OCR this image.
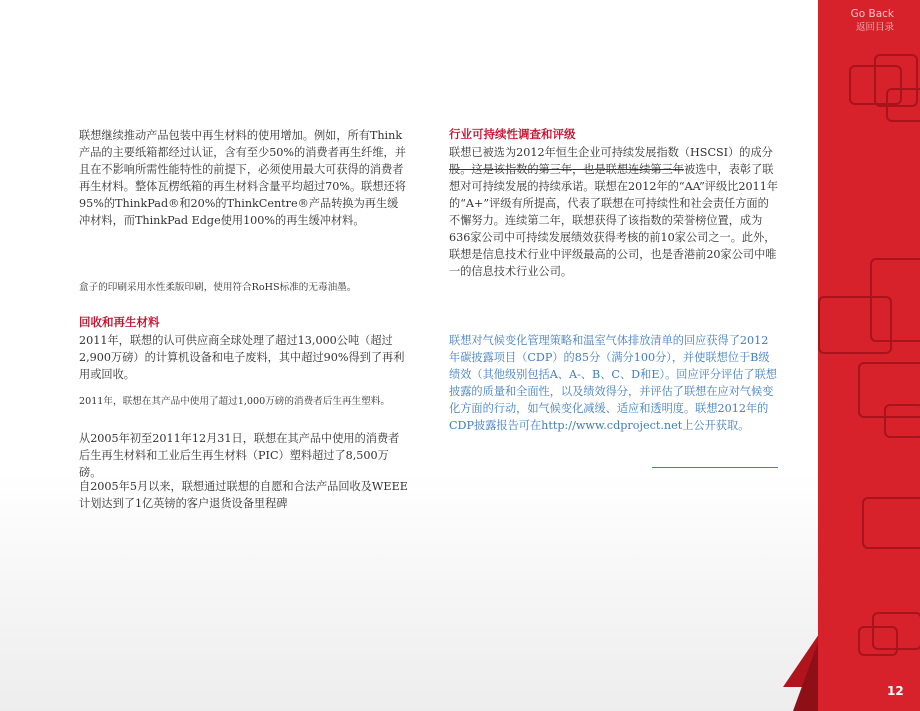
联想继续推动产品包装中再生材料的使用增加。例如，所有Think产品的主要纸箱都经过认证，含有至少50%的消费者再生纤维，并且在不影响所需性能特性的前提下，必须使用最大可获得的消费者再生材料。整体瓦楞纸箱的再生材料含量平均超过70%。联想还将95%的ThinkPad®和20%的ThinkCentre®产品转换为再生缓冲材料，而ThinkPad Edge使用100%的再生缓冲材料。

盒子的印刷采用水性柔版印刷，使用符合RoHS标准的无毒油墨。

回收和再生材料

2011年，联想的认可供应商全球处理了超过13,000公吨（超过2,900万磅）的计算机设备和电子废料，其中超过90%得到了再利用或回收。

2011年，联想在其产品中使用了超过1,000万磅的消费者后生再生塑料。

从2005年初至2011年12月31日，联想在其产品中使用的消费者后生再生材料和工业后生再生材料（PIC）塑料超过了8,500万磅。

自2005年5月以来，联想通过联想的自愿和合法产品回收及WEEE计划达到了1亿英镑的客户退货设备里程碑

行业可持续性调查和评级

联想已被选为2012年恒生企业可持续发展指数（HSCSI）的成分股。这是该指数的第三年，也是联想连续第三年被选中，表彰了联想对可持续发展的持续承诺。联想在2012年的“AA”评级比2011年的“A+”评级有所提高，代表了联想在可持续性和社会责任方面的不懈努力。连续第二年，联想获得了该指数的荣誉榜位置，成为636家公司中可持续发展绩效获得考核的前10家公司之一。此外，联想是信息技术行业中评级最高的公司，也是香港前20家公司中唯一的信息技术行业公司。

联想对气候变化管理策略和温室气体排放清单的回应获得了2012年碳披露项目（CDP）的85分（满分100分），并使联想位于B级绩效（其他级别包括A、A-、B、C、D和E）。回应评分评估了联想披露的质量和全面性，以及绩效得分，并评估了联想在应对气候变化方面的行动，如气候变化减缓、适应和透明度。联想2012年的CDP披露报告可在http://www.cdproject.net上公开获取。

Go Back
返回目录
12
